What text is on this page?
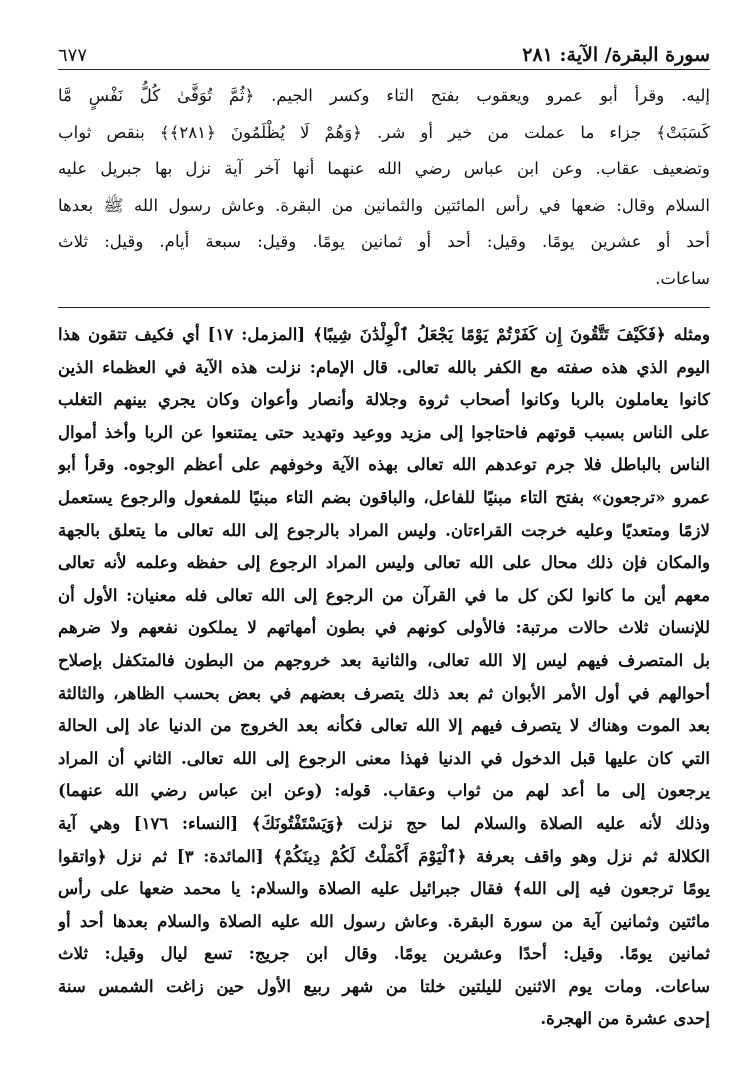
سورة البقرة/ الآية: ٢٨١
٦٧٧
إليه. وقرأ أبو عمرو ويعقوب بفتح التاء وكسر الجيم. ﴿ثُمَّ تُوَفَّىٰ كُلُّ نَفْسٍ مَّا
كَسَبَتْ﴾ جزاء ما عملت من خير أو شر. ﴿وَهُمْ لَا يُظْلَمُونَ ﴿٢٨١﴾﴾ بنقص ثواب
وتضعيف عقاب. وعن ابن عباس رضي الله عنهما أنها آخر آية نزل بها جبريل عليه
السلام وقال: ضعها في رأس المائتين والثمانين من البقرة. وعاش رسول الله ﷺ بعدها
أحد أو عشرين يومًا. وقيل: أحد أو ثمانين يومًا. وقيل: سبعة أيام. وقيل: ثلاث
ساعات.
ومثله ﴿فَكَيْفَ تَتَّقُونَ إِن كَفَرْتُمْ يَوْمًا يَجْعَلُ ٱلْوِلْدَٰنَ شِيبًا﴾ [المزمل: ١٧] أي فكيف تتقون هذا
اليوم الذي هذه صفته مع الكفر بالله تعالى. قال الإمام: نزلت هذه الآية في العظماء الذين
كانوا يعاملون بالربا وكانوا أصحاب ثروة وجلالة وأنصار وأعوان وكان يجري بينهم التغلب
على الناس بسبب قوتهم فاحتاجوا إلى مزيد ووعيد وتهديد حتى يمتنعوا عن الربا وأخذ أموال
الناس بالباطل فلا جرم توعدهم الله تعالى بهذه الآية وخوفهم على أعظم الوجوه. وقرأ أبو
عمرو «ترجعون» بفتح التاء مبنيًا للفاعل، والباقون بضم التاء مبنيًا للمفعول والرجوع يستعمل
لازمًا ومتعديًا وعليه خرجت القراءتان. وليس المراد بالرجوع إلى الله تعالى ما يتعلق بالجهة
والمكان فإن ذلك محال على الله تعالى وليس المراد الرجوع إلى حفظه وعلمه لأنه تعالى
معهم أين ما كانوا لكن كل ما في القرآن من الرجوع إلى الله تعالى فله معنيان: الأول أن
للإنسان ثلاث حالات مرتبة: فالأولى كونهم في بطون أمهاتهم لا يملكون نفعهم ولا ضرهم
بل المتصرف فيهم ليس إلا الله تعالى، والثانية بعد خروجهم من البطون فالمتكفل بإصلاح
أحوالهم في أول الأمر الأبوان ثم بعد ذلك يتصرف بعضهم في بعض بحسب الظاهر، والثالثة
بعد الموت وهناك لا يتصرف فيهم إلا الله تعالى فكأنه بعد الخروج من الدنيا عاد إلى الحالة
التي كان عليها قبل الدخول في الدنيا فهذا معنى الرجوع إلى الله تعالى. الثاني أن المراد
يرجعون إلى ما أعد لهم من ثواب وعقاب. قوله: (وعن ابن عباس رضي الله عنهما)
وذلك لأنه عليه الصلاة والسلام لما حج نزلت ﴿وَيَسْتَفْتُونَكَ﴾ [النساء: ١٧٦] وهي آية
الكلالة ثم نزل وهو واقف بعرفة ﴿ٱلْيَوْمَ أَكْمَلْتُ لَكُمْ دِينَكُمْ﴾ [المائدة: ٣] ثم نزل ﴿واتقوا
يومًا ترجعون فيه إلى الله﴾ فقال جبرائيل عليه الصلاة والسلام: يا محمد ضعها على رأس
مائتين وثمانين آية من سورة البقرة. وعاش رسول الله عليه الصلاة والسلام بعدها أحد أو
ثمانين يومًا. وقيل: أحدًا وعشرين يومًا. وقال ابن جريج: تسع ليال وقيل: ثلاث
ساعات. ومات يوم الاثنين لليلتين خلتا من شهر ربيع الأول حين زاغت الشمس سنة
إحدى عشرة من الهجرة.
